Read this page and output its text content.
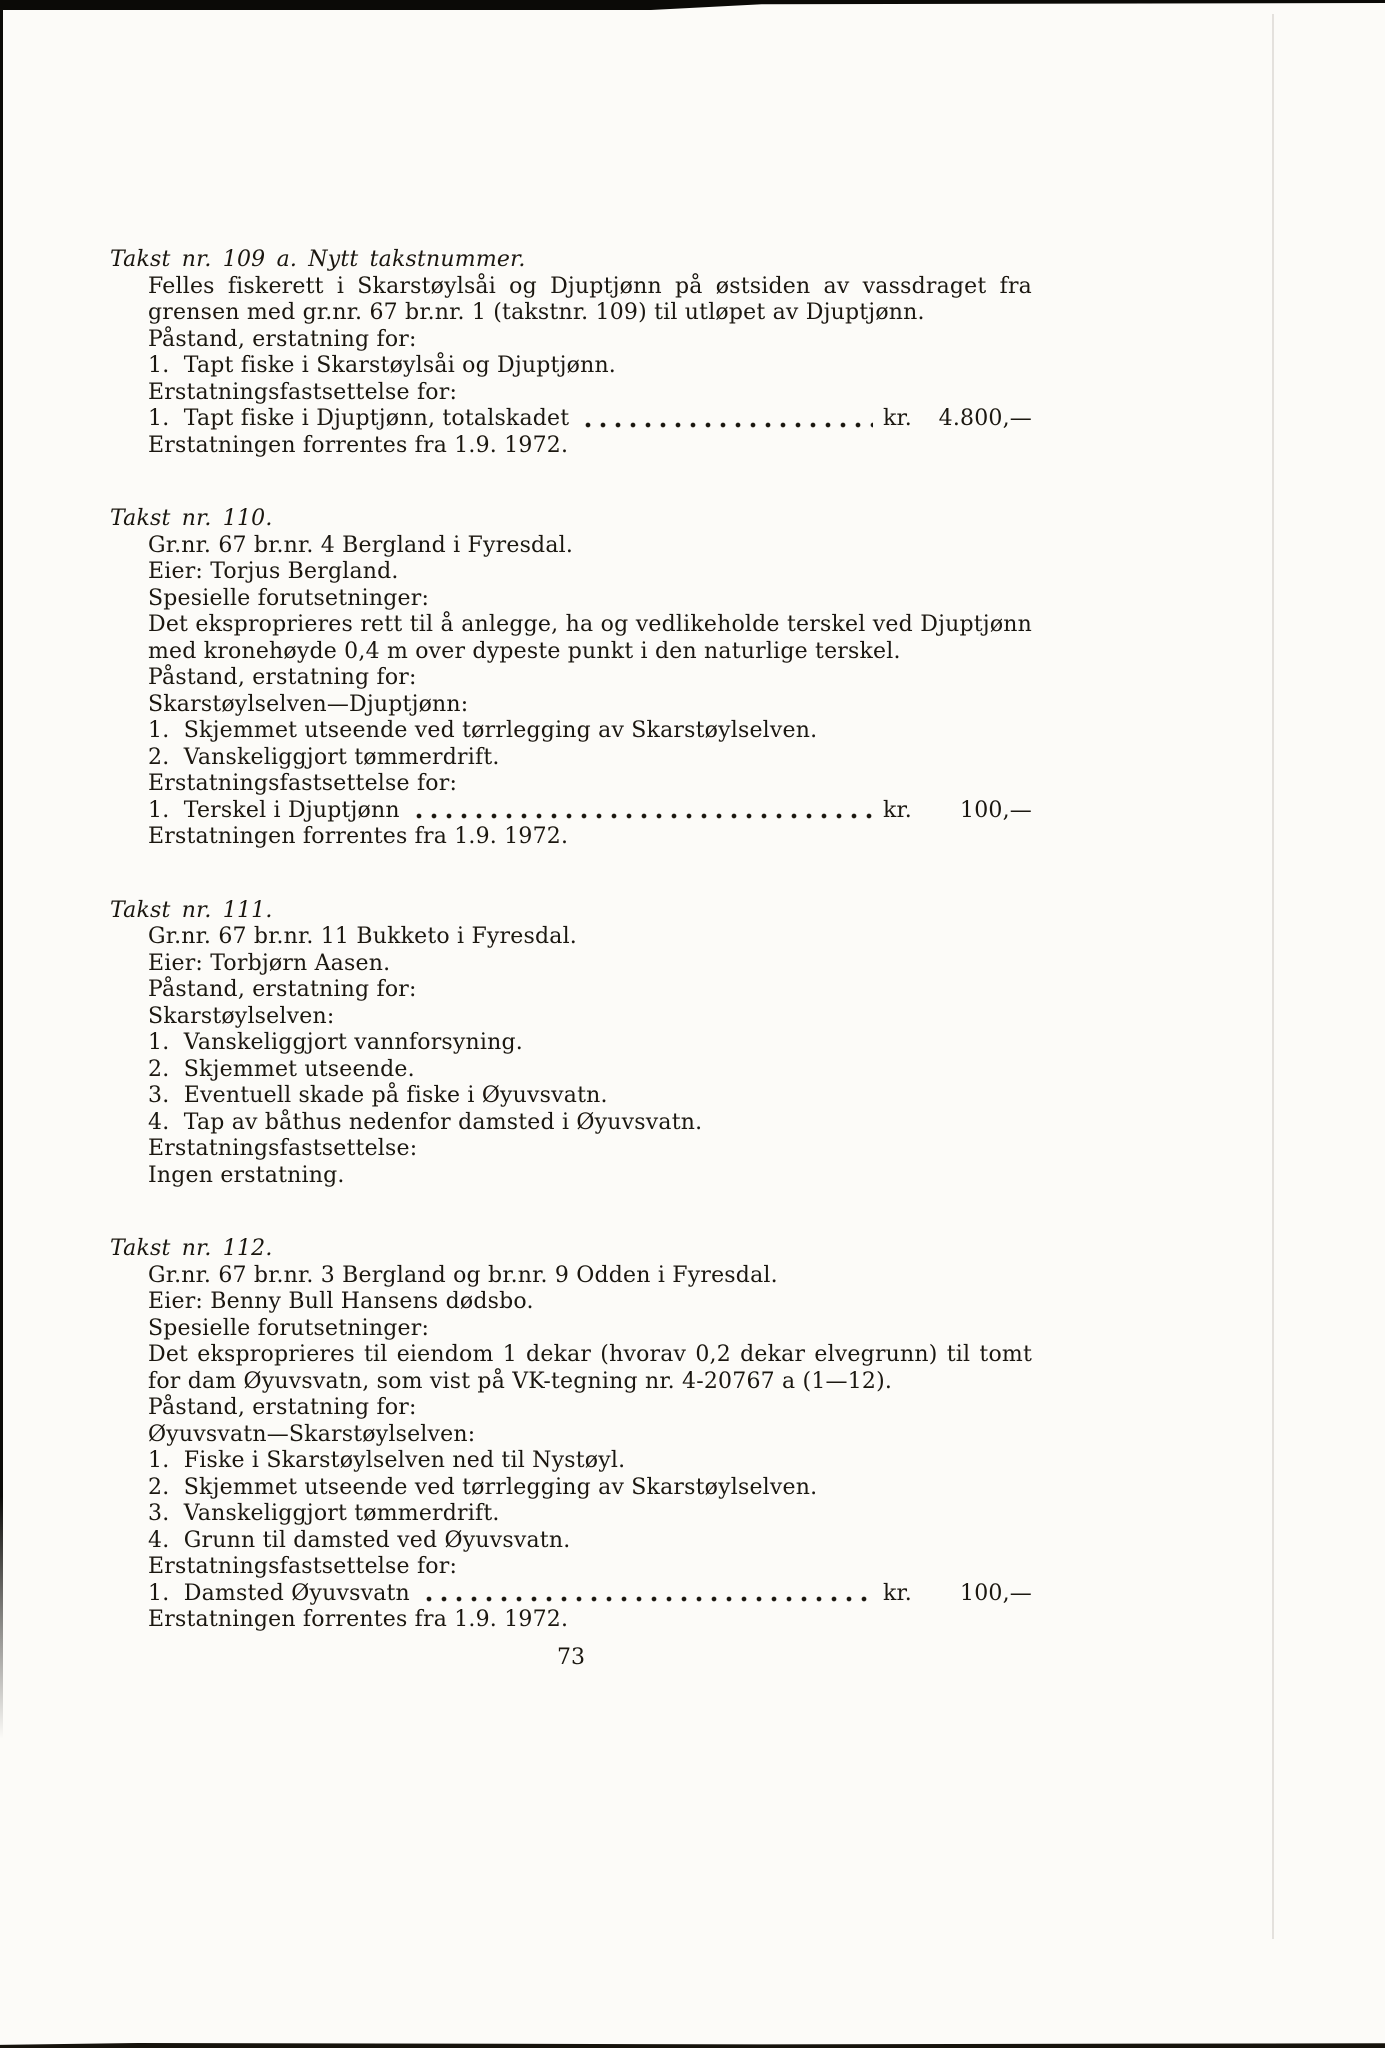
Takst nr. 109 a. Nytt takstnummer.
Felles fiskerett i Skarstøylsåi og Djuptjønn på østsiden av vassdraget fra
grensen med gr.nr. 67 br.nr. 1 (takstnr. 109) til utløpet av Djuptjønn.
Påstand, erstatning for:
1.  Tapt fiske i Skarstøylsåi og Djuptjønn.
Erstatningsfastsettelse for:
1.  Tapt fiske i Djuptjønn, totalskadet	kr. 4.800,—
Erstatningen forrentes fra 1.9. 1972.
Takst nr. 110.
Gr.nr. 67 br.nr. 4 Bergland i Fyresdal.
Eier: Torjus Bergland.
Spesielle forutsetninger:
Det eksproprieres rett til å anlegge, ha og vedlikeholde terskel ved Djuptjønn
med kronehøyde 0,4 m over dypeste punkt i den naturlige terskel.
Påstand, erstatning for:
Skarstøylselven—Djuptjønn:
1.  Skjemmet utseende ved tørrlegging av Skarstøylselven.
2.  Vanskeliggjort tømmerdrift.
Erstatningsfastsettelse for:
1.  Terskel i Djuptjønn	kr.	100,—
Erstatningen forrentes fra 1.9. 1972.
Takst nr. 111.
Gr.nr. 67 br.nr. 11 Bukketo i Fyresdal.
Eier: Torbjørn Aasen.
Påstand, erstatning for:
Skarstøylselven:
1.  Vanskeliggjort vannforsyning.
2.  Skjemmet utseende.
3.  Eventuell skade på fiske i Øyuvsvatn.
4.  Tap av båthus nedenfor damsted i Øyuvsvatn.
Erstatningsfastsettelse:
Ingen erstatning.
Takst nr. 112.
Gr.nr. 67 br.nr. 3 Bergland og br.nr. 9 Odden i Fyresdal.
Eier: Benny Bull Hansens dødsbo.
Spesielle forutsetninger:
Det eksproprieres til eiendom 1 dekar (hvorav 0,2 dekar elvegrunn) til tomt
for dam Øyuvsvatn, som vist på VK-tegning nr. 4-20767 a (1—12).
Påstand, erstatning for:
Øyuvsvatn—Skarstøylselven:
1.  Fiske i Skarstøylselven ned til Nystøyl.
2.  Skjemmet utseende ved tørrlegging av Skarstøylselven.
3.  Vanskeliggjort tømmerdrift.
4.  Grunn til damsted ved Øyuvsvatn.
Erstatningsfastsettelse for:
1.  Damsted Øyuvsvatn	kr.	100,—
Erstatningen forrentes fra 1.9. 1972.
73
